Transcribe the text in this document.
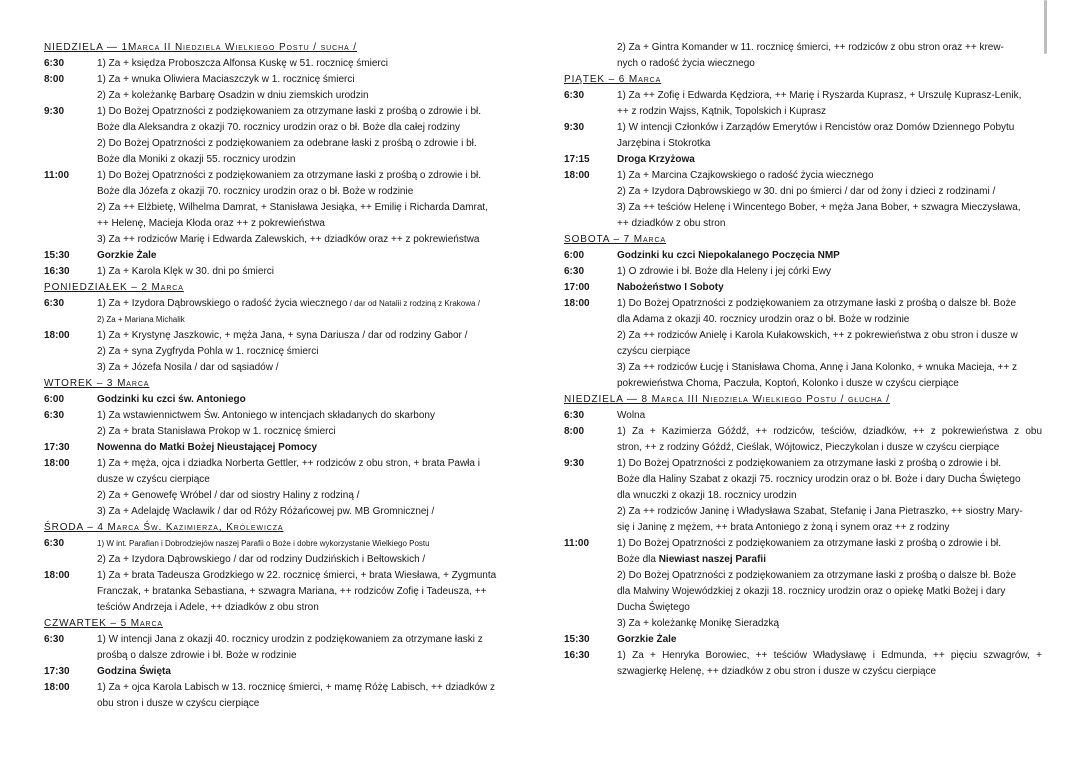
NIEDZIELA — 1Marca II Niedziela Wielkiego Postu / sucha /
6:30	1) Za + księdza Proboszcza Alfonsa Kuskę w 51. rocznicę śmierci
8:00	1) Za + wnuka Oliwiera Maciaszczyk w 1. rocznicę śmierci
2) Za + koleżankę Barbarę Osadzin w dniu ziemskich urodzin
9:30	1) Do Bożej Opatrzności z podziękowaniem za otrzymane łaski z prośbą o zdrowie i bł.
Boże dla Aleksandra z okazji 70. rocznicy urodzin oraz o bł. Boże dla całej rodziny
2) Do Bożej Opatrzności z podziękowaniem za odebrane łaski z prośbą o zdrowie i bł.
Boże dla Moniki z okazji 55. rocznicy urodzin
11:00	1) Do Bożej Opatrzności z podziękowaniem za otrzymane łaski z prośbą o zdrowie i bł.
Boże dla Józefa z okazji 70. rocznicy urodzin oraz o bł. Boże w rodzinie
2) Za ++ Elżbietę, Wilhelma Damrat, + Stanisława Jesiąka, ++ Emilię i Richarda Damrat,
++ Helenę, Macieja Kłoda oraz ++ z pokrewieństwa
3) Za ++ rodziców Marię i Edwarda Zalewskich, ++ dziadków oraz ++ z pokrewieństwa
15:30	Gorzkie Żale
16:30	1) Za + Karola Klęk w 30. dni po śmierci
PONIEDZIAŁEK – 2 Marca
6:30	1) Za + Izydora Dąbrowskiego o radość życia wiecznego / dar od Natalii z rodziną z Krakowa /
2) Za + Mariana Michalik
18:00	1) Za + Krystynę Jaszkowic, + męża Jana, + syna Dariusza / dar od rodziny Gabor /
2) Za + syna Zygfryda Pohla w 1. rocznicę śmierci
3) Za + Józefa Nosila / dar od sąsiadów /
WTOREK – 3 Marca
6:00	Godzinki ku czci św. Antoniego
6:30	1) Za wstawiennictwem Św. Antoniego w intencjach składanych do skarbony
2) Za + brata Stanisława Prokop w 1. rocznicę śmierci
17:30	Nowenna do Matki Bożej Nieustającej Pomocy
18:00	1) Za + męża, ojca i dziadka Norberta Gettler, ++ rodziców z obu stron, + brata Pawła i
dusze w czyścu cierpiące
2) Za + Genowefę Wróbel / dar od siostry Haliny z rodziną /
3) Za + Adelajdę Wacławik / dar od Róży Różańcowej pw. MB Gromnicznej /
ŚRODA – 4 Marca Św. Kazimierza, Królewicza
6:30	1) W int. Parafian i Dobrodziejów naszej Parafii o Boże i dobre wykorzystanie Wielkiego Postu
2) Za + Izydora Dąbrowskiego / dar od rodziny Dudzińskich i Bełtowskich /
18:00	1) Za + brata Tadeusza Grodzkiego w 22. rocznicę śmierci, + brata Wiesława, + Zygmunta
Franczak, + bratanka Sebastiana, + szwagra Mariana, ++ rodziców Zofię i Tadeusza, ++
teściów Andrzeja i Adele, ++ dziadków z obu stron
CZWARTEK – 5 Marca
6:30	1) W intencji Jana z okazji 40. rocznicy urodzin z podziękowaniem za otrzymane łaski z
prośbą o dalsze zdrowie i bł. Boże w rodzinie
17:30	Godzina Święta
18:00	1) Za + ojca Karola Labisch w 13. rocznicę śmierci, + mamę Różę Labisch, ++ dziadków z
obu stron i dusze w czyścu cierpiące
2) Za + Gintra Komander w 11. rocznicę śmierci, ++ rodziców z obu stron oraz ++ krew-
nych o radość życia wiecznego
PIĄTEK – 6 Marca
6:30	1) Za ++ Zofię i Edwarda Kędziora, ++ Marię i Ryszarda Kuprasz, + Urszulę Kuprasz-Lenik,
++ z rodzin Wajss, Kątnik, Topolskich i Kuprasz
9:30	1) W intencji Członków i Zarządów Emerytów i Rencistów oraz Domów Dziennego Pobytu
Jarzębina i Stokrotka
17:15	Droga Krzyżowa
18:00	1) Za + Marcina Czajkowskiego o radość życia wiecznego
2) Za + Izydora Dąbrowskiego w 30. dni po śmierci / dar od żony i dzieci z rodzinami /
3) Za ++ teściów Helenę i Wincentego Bober, + męża Jana Bober, + szwagra Mieczysława,
++ dziadków z obu stron
SOBOTA – 7 Marca
6:00	Godzinki ku czci Niepokalanego Poczęcia NMP
6:30	1) O zdrowie i bł. Boże dla Heleny i jej córki Ewy
17:00	Nabożeństwo I Soboty
18:00	1) Do Bożej Opatrzności z podziękowaniem za otrzymane łaski z prośbą o dalsze bł. Boże
dla Adama z okazji 40. rocznicy urodzin oraz o bł. Boże w rodzinie
2) Za ++ rodziców Anielę i Karola Kułakowskich, ++ z pokrewieństwa z obu stron i dusze w
czyścu cierpiące
3) Za ++ rodziców Łucję i Stanisława Choma, Annę i Jana Kolonko, + wnuka Macieja, ++ z
pokrewieństwa Choma, Paczuła, Koptoń, Kolonko i dusze w czyścu cierpiące
NIEDZIELA — 8 Marca III Niedziela Wielkiego Postu / głucha /
6:30	Wolna
8:00	1) Za + Kazimierza Góźdź, ++ rodziców, teściów, dziadków, ++ z pokrewieństwa z obu
stron, ++ z rodziny Góźdź, Cieślak, Wójtowicz, Pieczykolan i dusze w czyścu cierpiące
9:30	1) Do Bożej Opatrzności z podziękowaniem za otrzymane łaski z prośbą o zdrowie i bł.
Boże dla Haliny Szabat z okazji 75. rocznicy urodzin oraz o bł. Boże i dary Ducha Świętego
dla wnuczki z okazji 18. rocznicy urodzin
2) Za ++ rodziców Janinę i Władysława Szabat, Stefanię i Jana Pietraszko, ++ siostry Mary-
się i Janinę z mężem, ++ brata Antoniego z żoną i synem oraz ++ z rodziny
11:00	1) Do Bożej Opatrzności z podziękowaniem za otrzymane łaski z prośbą o zdrowie i bł.
Boże dla Niewiast naszej Parafii
2) Do Bożej Opatrzności z podziękowaniem za otrzymane łaski z prośbą o dalsze bł. Boże
dla Malwiny Wojewódzkiej z okazji 18. rocznicy urodzin oraz o opiekę Matki Bożej i dary
Ducha Świętego
3) Za + koleżankę Monikę Sieradzką
15:30	Gorzkie Żale
16:30	1) Za + Henryka Borowiec, ++ teściów Władysławę i Edmunda, ++ pięciu szwagrów, +
szwagierkę Helenę, ++ dziadków z obu stron i dusze w czyścu cierpiące
